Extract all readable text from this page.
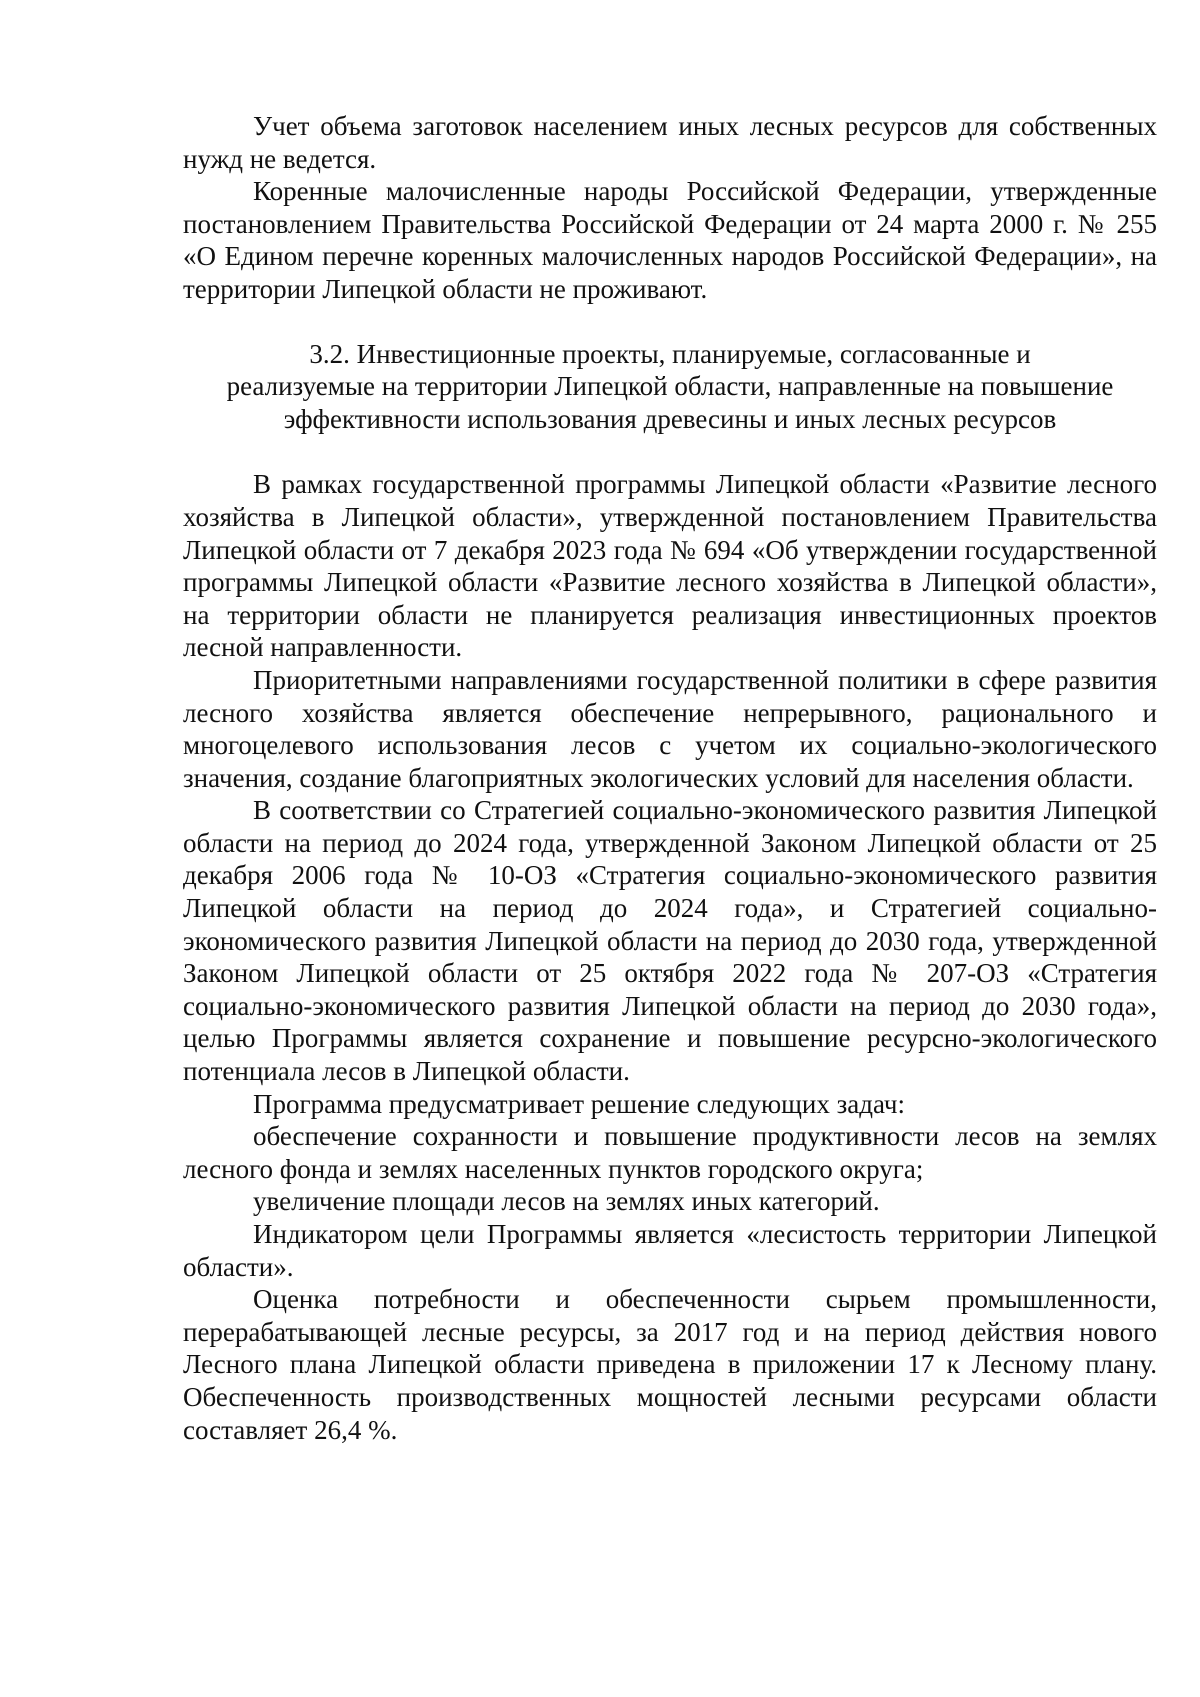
Учет объема заготовок населением иных лесных ресурсов для собственных нужд не ведется.

Коренные малочисленные народы Российской Федерации, утвержденные постановлением Правительства Российской Федерации от 24 марта 2000 г. № 255 «О Едином перечне коренных малочисленных народов Российской Федерации», на территории Липецкой области не проживают.

3.2. Инвестиционные проекты, планируемые, согласованные и
реализуемые на территории Липецкой области, направленные на повышение
эффективности использования древесины и иных лесных ресурсов

В рамках государственной программы Липецкой области «Развитие лесного хозяйства в Липецкой области», утвержденной постановлением Правительства Липецкой области от 7 декабря 2023 года № 694 «Об утверждении государственной программы Липецкой области «Развитие лесного хозяйства в Липецкой области», на территории области не планируется реализация инвестиционных проектов лесной направленности.

Приоритетными направлениями государственной политики в сфере развития лесного хозяйства является обеспечение непрерывного, рационального и многоцелевого использования лесов с учетом их социально-экологического значения, создание благоприятных экологических условий для населения области.

В соответствии со Стратегией социально-экономического развития Липецкой области на период до 2024 года, утвержденной Законом Липецкой области от 25 декабря 2006 года № 10-ОЗ «Стратегия социально-экономического развития Липецкой области на период до 2024 года», и Стратегией социально-экономического развития Липецкой области на период до 2030 года, утвержденной Законом Липецкой области от 25 октября 2022 года № 207-ОЗ «Стратегия социально-экономического развития Липецкой области на период до 2030 года», целью Программы является сохранение и повышение ресурсно-экологического потенциала лесов в Липецкой области.

Программа предусматривает решение следующих задач:

обеспечение сохранности и повышение продуктивности лесов на землях лесного фонда и землях населенных пунктов городского округа;

увеличение площади лесов на землях иных категорий.

Индикатором цели Программы является «лесистость территории Липецкой области».

Оценка потребности и обеспеченности сырьем промышленности, перерабатывающей лесные ресурсы, за 2017 год и на период действия нового Лесного плана Липецкой области приведена в приложении 17 к Лесному плану. Обеспеченность производственных мощностей лесными ресурсами области составляет 26,4 %.
